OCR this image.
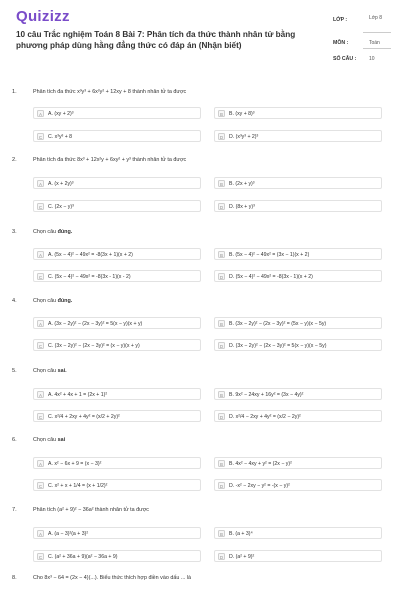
Quizizz
10 câu Trắc nghiệm Toán 8 Bài 7: Phân tích đa thức thành nhân tử bằng phương pháp dùng hằng đẳng thức có đáp án (Nhận biết)
LỚP :	Lớp 8
MÔN :	Toán
SỐ CÂU :	10
1.	Phân tích đa thức x³y³ + 6x²y² + 12xy + 8 thành nhân tử ta được
A	A. (xy + 2)³	B	B. (xy + 8)³
C	C. x³y³ + 8	D	D. (x³y³ + 2)³
2.	Phân tích đa thức 8x³ + 12x²y + 6xy² + y³ thành nhân tử ta được
A	A. (x + 2y)³	B	B. (2x + y)³
C	C. (2x − y)³	D	D. (8x + y)³
3.	Chọn câu đúng.
A	A. (5x − 4)² − 49x² = -8(3x + 1)(x + 2)	B	B. (5x − 4)² − 49x² = (3x − 1)(x + 2)
C	C. (5x − 4)² − 49x² = -8(3x - 1)(x - 2)	D	D. (5x − 4)² − 49x² = -8(3x - 1)(x + 2)
4.	Chọn câu đúng.
A	A. (3x − 2y)² − (2x − 3y)² = 5(x − y)(x + y)	B	B. (3x − 2y)² − (2x − 3y)² = (5x − y)(x − 5y)
C	C. (3x − 2y)² − (2x − 3y)² = (x − y)(x + y)	D	D. (3x − 2y)² − (2x − 3y)² = 5(x − y)(x − 5y)
5.	Chọn câu sai.
A	A. 4x² + 4x + 1 = (2x + 1)²	B	B. 9x² − 24xy + 16y² = (3x − 4y)²
C	C. x²/4 + 2xy + 4y² = (x/2 + 2y)²	D	D. x²/4 − 2xy + 4y² = (x/2 − 2y)²
6.	Chọn câu sai
A	A. x² − 6x + 9 = (x − 3)²	B	B. 4x² − 4xy + y² = (2x − y)²
C	C. x² + x + 1/4 = (x + 1/2)²	D	D. -x² − 2xy − y² = -(x − y)²
7.	Phân tích (a² + 9)² − 36a² thành nhân tử ta được
A	A. (a − 3)²(a + 3)²	B	B. (a + 3)⁴
C	C. (a² + 36a + 9)(a² − 36a + 9)	D	D. (a² + 9)²
8.	Cho 8x³ − 64 = (2x − 4)(...). Biểu thức thích hợp điền vào dấu ... là
